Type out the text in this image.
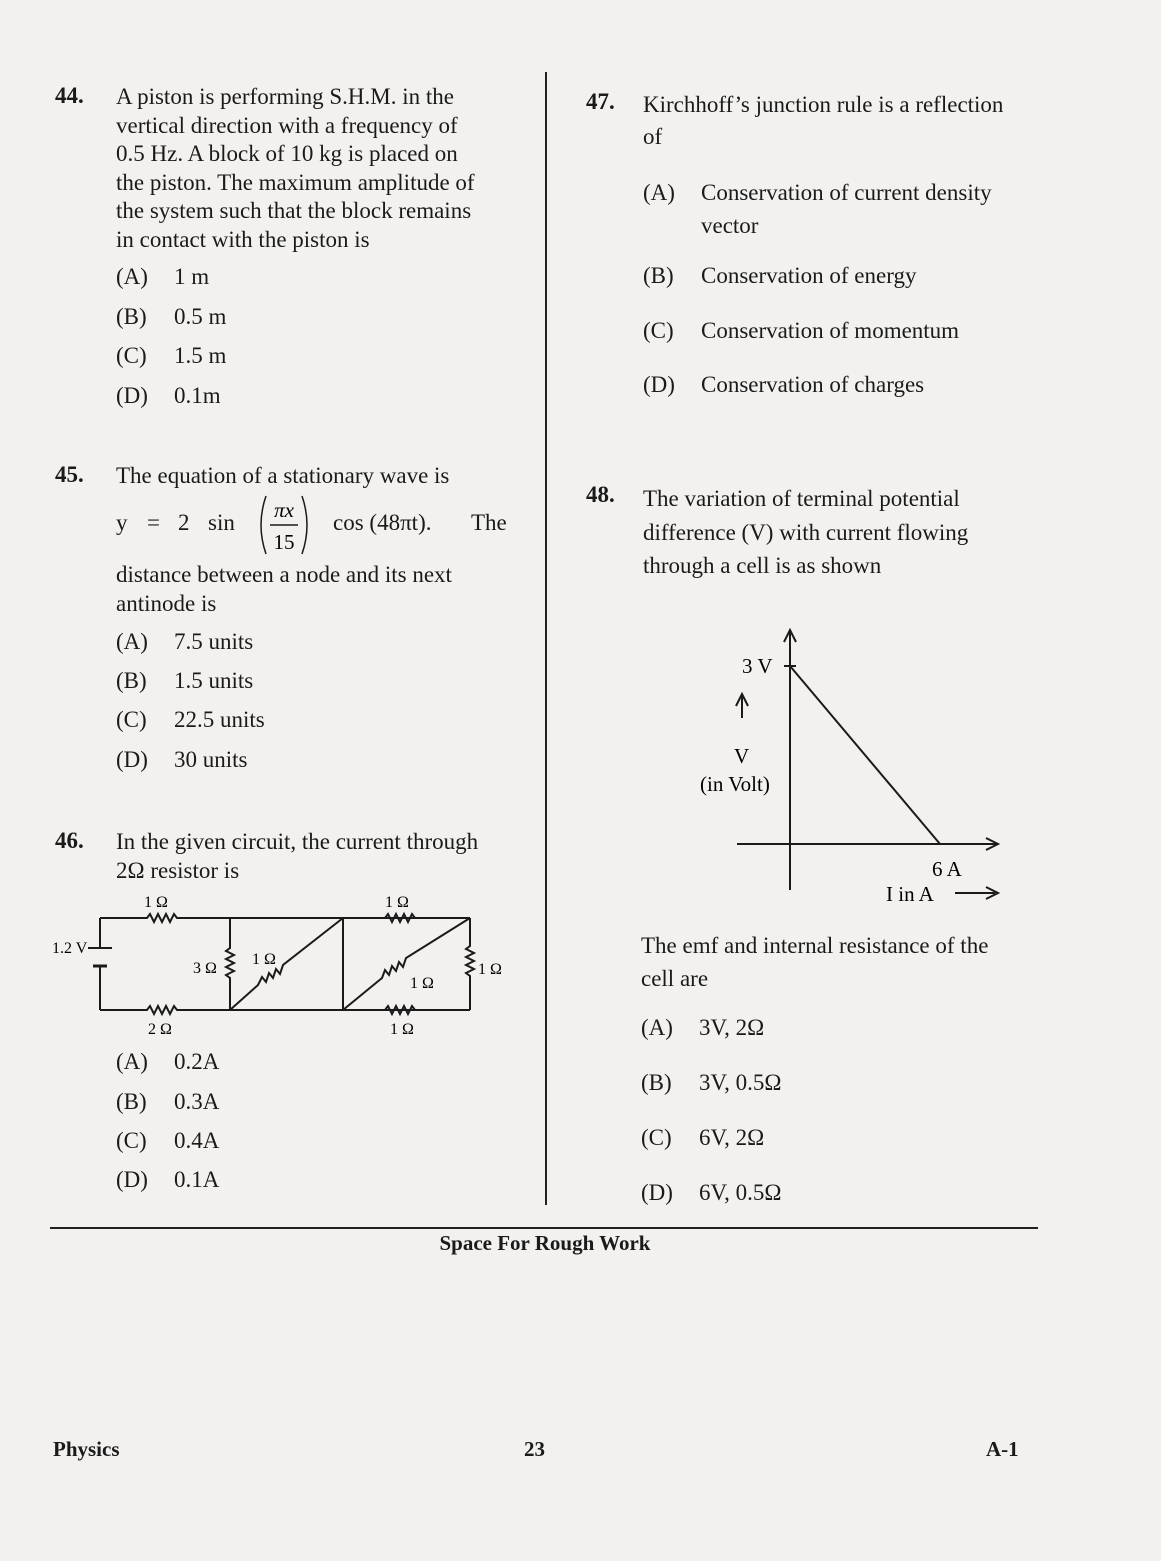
44. A piston is performing S.H.M. in the
vertical direction with a frequency of
0.5 Hz. A block of 10 kg is placed on
the piston. The maximum amplitude of
the system such that the block remains
in contact with the piston is
(A) 1 m
(B) 0.5 m
(C) 1.5 m
(D) 0.1m
45. The equation of a stationary wave is
y = 2 sin πx
15
cos (48πt). The
distance between a node and its next
antinode is
(A) 7.5 units
(B) 1.5 units
(C) 22.5 units
(D) 30 units
46. In the given circuit, the current through
2Ω resistor is
1.2 V
1 Ω	1 Ω
3 Ω
1 Ω
1 Ω
1 Ω
2 Ω	1 Ω
(A) 0.2A
(B) 0.3A
(C) 0.4A
(D) 0.1A
47. Kirchhoff’s junction rule is a reflection
of
(A) Conservation of current density
vector
(B) Conservation of energy
(C) Conservation of momentum
(D) Conservation of charges
48. The variation of terminal potential
difference (V) with current flowing
through a cell is as shown
3 V
V
(in Volt)
6 A
I in A
The emf and internal resistance of the
cell are
(A) 3V, 2Ω
(B) 3V, 0.5Ω
(C) 6V, 2Ω
(D) 6V, 0.5Ω
Space For Rough Work
Physics	23	A-1
